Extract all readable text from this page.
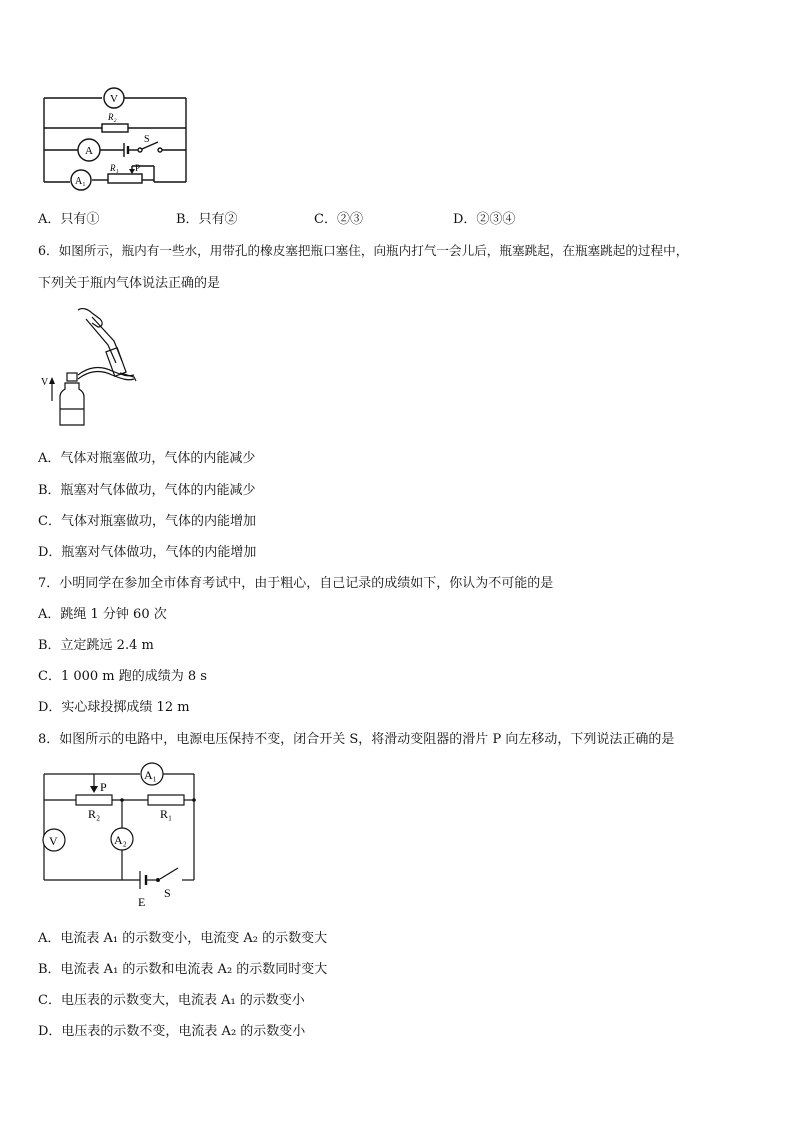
V
R₂
S
A
A₁
R₁ P
A．只有①	B．只有②	C．②③	D．②③④
6．如图所示，瓶内有一些水，用带孔的橡皮塞把瓶口塞住，向瓶内打气一会儿后，瓶塞跳起，在瓶塞跳起的过程中，
下列关于瓶内气体说法正确的是
V
A．气体对瓶塞做功，气体的内能减少
B．瓶塞对气体做功，气体的内能减少
C．气体对瓶塞做功，气体的内能增加
D．瓶塞对气体做功，气体的内能增加
7．小明同学在参加全市体育考试中，由于粗心，自己记录的成绩如下，你认为不可能的是
A．跳绳 1 分钟 60 次
B．立定跳远 2.4 m
C．1 000 m 跑的成绩为 8 s
D．实心球投掷成绩 12 m
8．如图所示的电路中，电源电压保持不变，闭合开关 S，将滑动变阻器的滑片 P 向左移动，下列说法正确的是
A₁
P
R₂	R₁
V	A₂
S
E
A．电流表 A₁ 的示数变小，电流变 A₂ 的示数变大
B．电流表 A₁ 的示数和电流表 A₂ 的示数同时变大
C．电压表的示数变大，电流表 A₁ 的示数变小
D．电压表的示数不变，电流表 A₂ 的示数变小
